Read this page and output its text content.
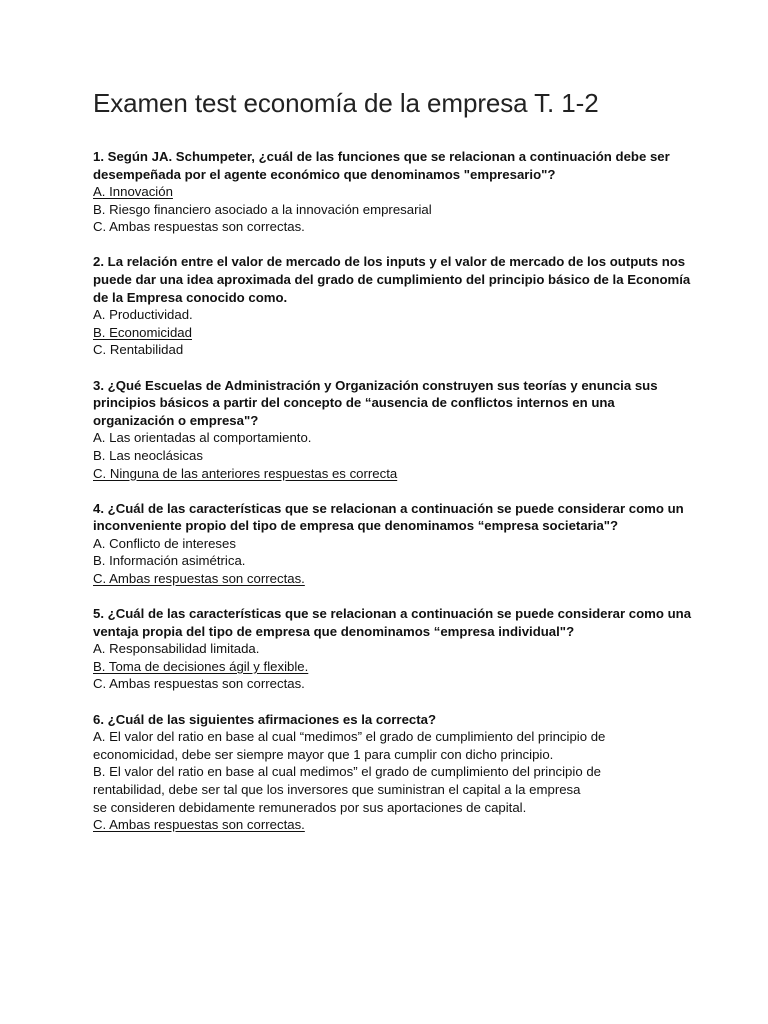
Examen test economía de la empresa T. 1-2

1. Según JA. Schumpeter, ¿cuál de las funciones que se relacionan a continuación debe ser desempeñada por el agente económico que denominamos "empresario"?

A. Innovación

B. Riesgo financiero asociado a la innovación empresarial

C. Ambas respuestas son correctas.

2. La relación entre el valor de mercado de los inputs y el valor de mercado de los outputs nos puede dar una idea aproximada del grado de cumplimiento del principio básico de la Economía de la Empresa conocido como.

A. Productividad.

B. Economicidad

C. Rentabilidad

3. ¿Qué Escuelas de Administración y Organización construyen sus teorías y enuncia sus principios básicos a partir del concepto de “ausencia de conflictos internos en una organización o empresa"?

A. Las orientadas al comportamiento.

B. Las neoclásicas

C. Ninguna de las anteriores respuestas es correcta

4. ¿Cuál de las características que se relacionan a continuación se puede considerar como un inconveniente propio del tipo de empresa que denominamos “empresa societaria"?

A. Conflicto de intereses

B. Información asimétrica.

C. Ambas respuestas son correctas.

5. ¿Cuál de las características que se relacionan a continuación se puede considerar como una ventaja propia del tipo de empresa que denominamos “empresa individual"?

A. Responsabilidad limitada.

B. Toma de decisiones ágil y flexible.

C. Ambas respuestas son correctas.

6. ¿Cuál de las siguientes afirmaciones es la correcta?

A. El valor del ratio en base al cual “medimos” el grado de cumplimiento del principio de
economicidad, debe ser siempre mayor que 1 para cumplir con dicho principio.

B. El valor del ratio en base al cual medimos” el grado de cumplimiento del principio de
rentabilidad, debe ser tal que los inversores que suministran el capital a la empresa
se consideren debidamente remunerados por sus aportaciones de capital.

C. Ambas respuestas son correctas.
